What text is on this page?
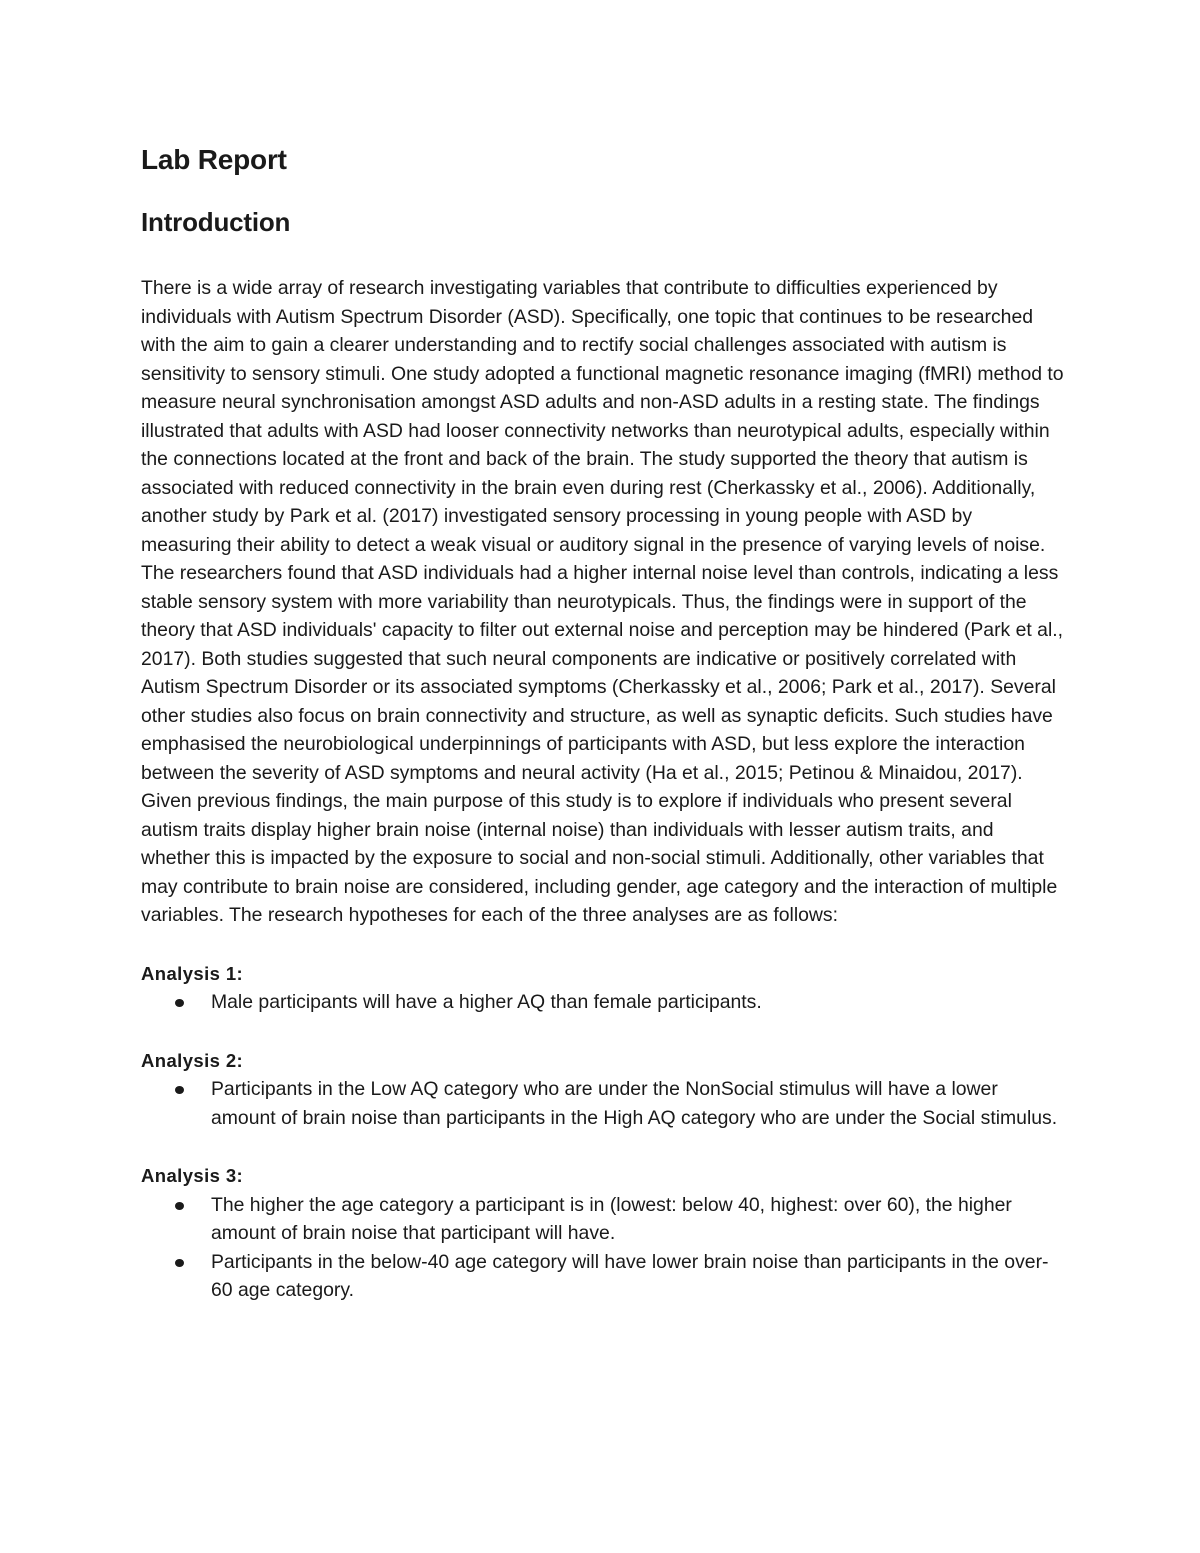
Lab Report
Introduction

There is a wide array of research investigating variables that contribute to difficulties experienced by individuals with Autism Spectrum Disorder (ASD). Specifically, one topic that continues to be researched with the aim to gain a clearer understanding and to rectify social challenges associated with autism is sensitivity to sensory stimuli. One study adopted a functional magnetic resonance imaging (fMRI) method to measure neural synchronisation amongst ASD adults and non-ASD adults in a resting state. The findings illustrated that adults with ASD had looser connectivity networks than neurotypical adults, especially within the connections located at the front and back of the brain. The study supported the theory that autism is associated with reduced connectivity in the brain even during rest (Cherkassky et al., 2006). Additionally, another study by Park et al. (2017) investigated sensory processing in young people with ASD by measuring their ability to detect a weak visual or auditory signal in the presence of varying levels of noise. The researchers found that ASD individuals had a higher internal noise level than controls, indicating a less stable sensory system with more variability than neurotypicals. Thus, the findings were in support of the theory that ASD individuals' capacity to filter out external noise and perception may be hindered (Park et al., 2017). Both studies suggested that such neural components are indicative or positively correlated with Autism Spectrum Disorder or its associated symptoms (Cherkassky et al., 2006; Park et al., 2017). Several other studies also focus on brain connectivity and structure, as well as synaptic deficits. Such studies have emphasised the neurobiological underpinnings of participants with ASD, but less explore the interaction between the severity of ASD symptoms and neural activity (Ha et al., 2015; Petinou & Minaidou, 2017). Given previous findings, the main purpose of this study is to explore if individuals who present several autism traits display higher brain noise (internal noise) than individuals with lesser autism traits, and whether this is impacted by the exposure to social and non-social stimuli. Additionally, other variables that may contribute to brain noise are considered, including gender, age category and the interaction of multiple variables. The research hypotheses for each of the three analyses are as follows:

Analysis 1:

Male participants will have a higher AQ than female participants.

Analysis 2:

Participants in the Low AQ category who are under the NonSocial stimulus will have a lower amount of brain noise than participants in the High AQ category who are under the Social stimulus.

Analysis 3:

The higher the age category a participant is in (lowest: below 40, highest: over 60), the higher amount of brain noise that participant will have.
Participants in the below-40 age category will have lower brain noise than participants in the over-60 age category.
